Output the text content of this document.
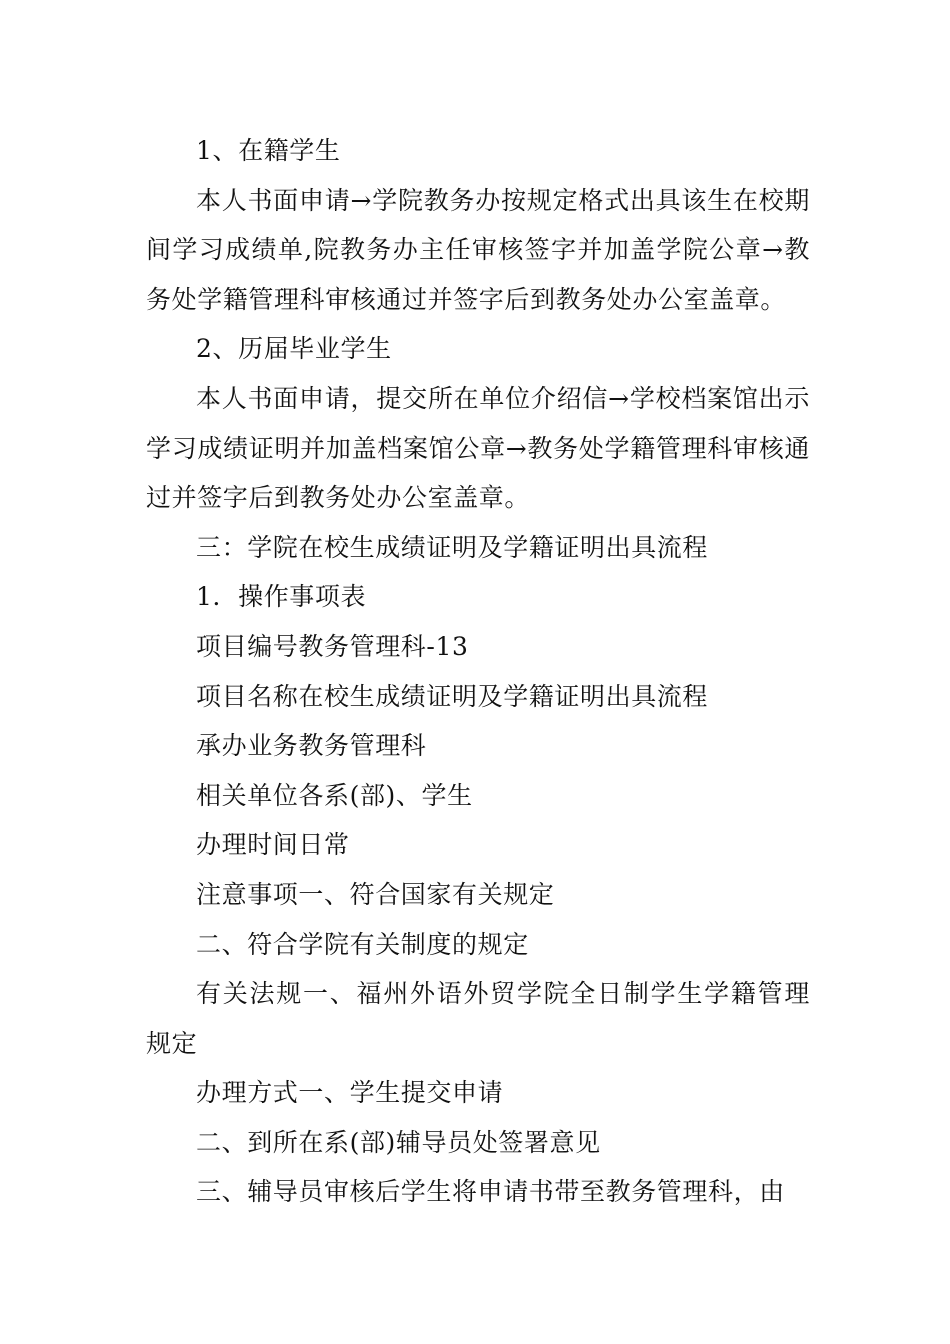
1、在籍学生

本人书面申请→学院教务办按规定格式出具该生在校期间学习成绩单,院教务办主任审核签字并加盖学院公章→教务处学籍管理科审核通过并签字后到教务处办公室盖章。

2、历届毕业学生

本人书面申请，提交所在单位介绍信→学校档案馆出示学习成绩证明并加盖档案馆公章→教务处学籍管理科审核通过并签字后到教务处办公室盖章。

三：学院在校生成绩证明及学籍证明出具流程

1．操作事项表

项目编号教务管理科-13

项目名称在校生成绩证明及学籍证明出具流程

承办业务教务管理科

相关单位各系(部)、学生

办理时间日常

注意事项一、符合国家有关规定

二、符合学院有关制度的规定

有关法规一、福州外语外贸学院全日制学生学籍管理规定

办理方式一、学生提交申请

二、到所在系(部)辅导员处签署意见

三、辅导员审核后学生将申请书带至教务管理科，由
